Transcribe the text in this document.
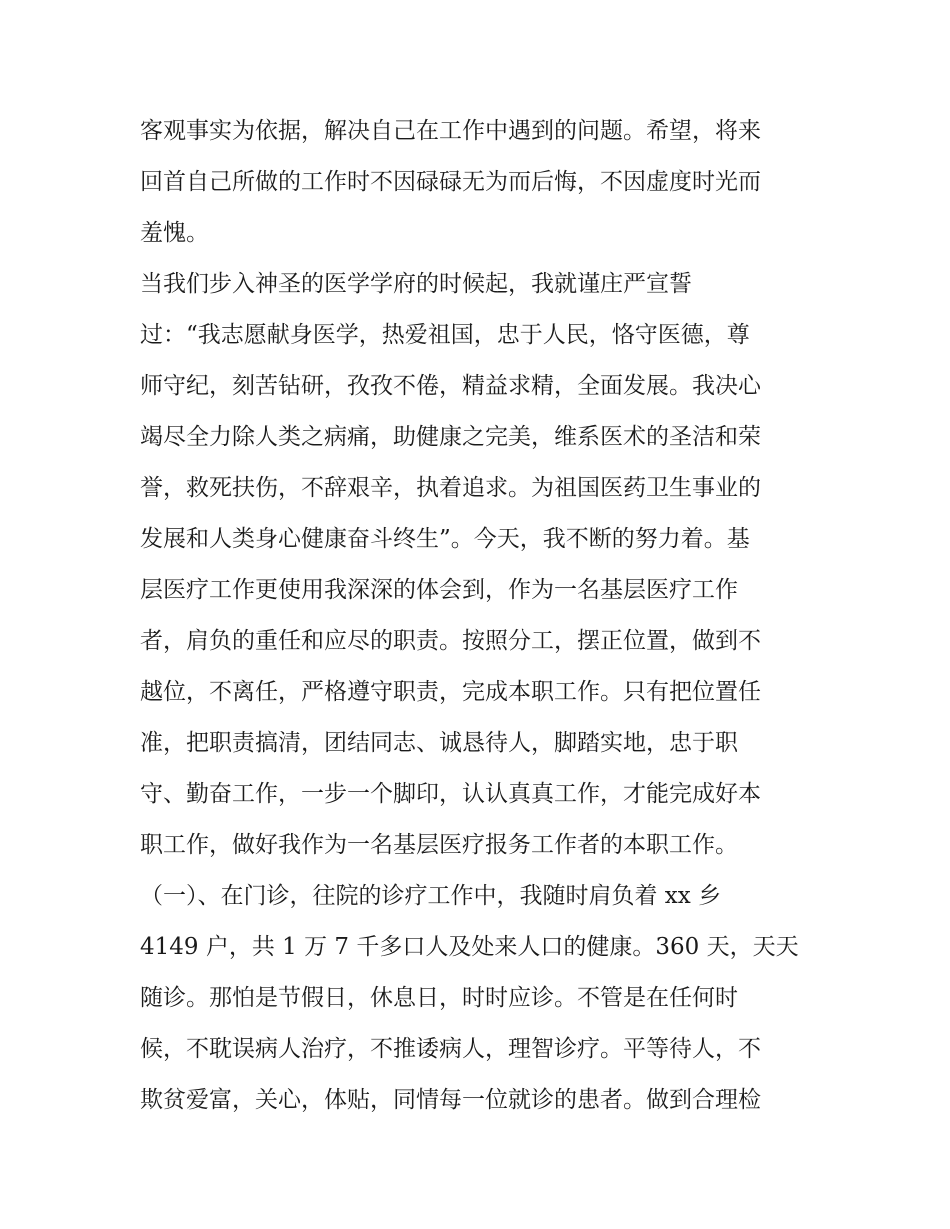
客观事实为依据，解决自己在工作中遇到的问题。希望，将来
回首自己所做的工作时不因碌碌无为而后悔，不因虚度时光而
羞愧。
当我们步入神圣的医学学府的时候起，我就谨庄严宣誓
过：“我志愿献身医学，热爱祖国，忠于人民，恪守医德，尊
师守纪，刻苦钻研，孜孜不倦，精益求精，全面发展。我决心
竭尽全力除人类之病痛，助健康之完美，维系医术的圣洁和荣
誉，救死扶伤，不辞艰辛，执着追求。为祖国医药卫生事业的
发展和人类身心健康奋斗终生”。今天，我不断的努力着。基
层医疗工作更使用我深深的体会到，作为一名基层医疗工作
者，肩负的重任和应尽的职责。按照分工，摆正位置，做到不
越位，不离任，严格遵守职责，完成本职工作。只有把位置任
准，把职责搞清，团结同志、诚恳待人，脚踏实地，忠于职
守、勤奋工作，一步一个脚印，认认真真工作，才能完成好本
职工作，做好我作为一名基层医疗报务工作者的本职工作。
（一）、在门诊，往院的诊疗工作中，我随时肩负着 xx 乡
4149 户，共 1 万 7 千多口人及处来人口的健康。360 天，天天
随诊。那怕是节假日，休息日，时时应诊。不管是在任何时
候，不耽误病人治疗，不推诿病人，理智诊疗。平等待人，不
欺贫爱富，关心，体贴，同情每一位就诊的患者。做到合理检
